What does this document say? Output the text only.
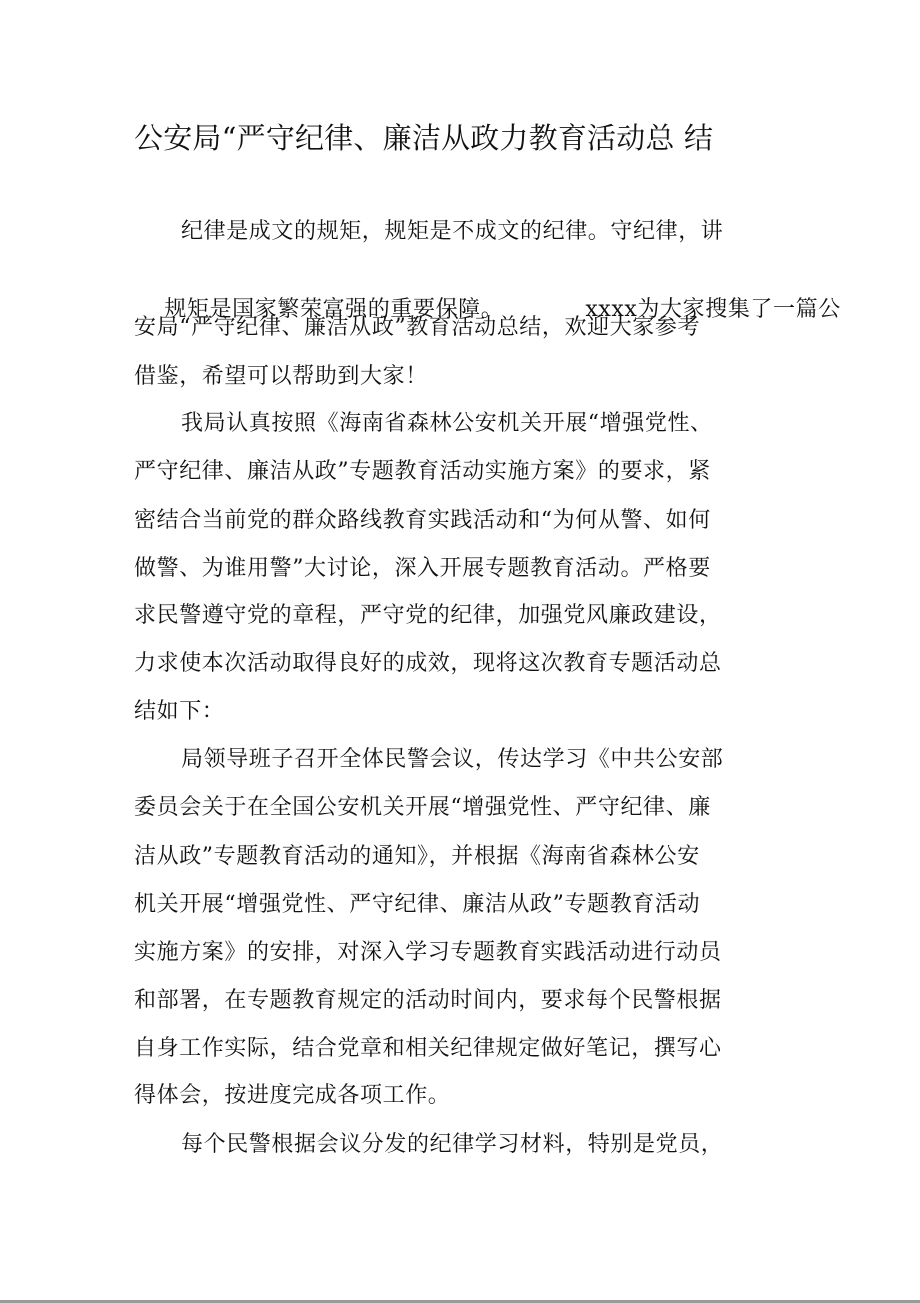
公安局“严守纪律、廉洁从政力教育活动总 结
纪律是成文的规矩，规矩是不成文的纪律。守纪律，讲

规矩是国家繁荣富强的重要保障。	xxxx为大家搜集了一篇公

安局“严守纪律、廉洁从政”教育活动总结，欢迎大家参考
借鉴，希望可以帮助到大家！
我局认真按照《海南省森林公安机关开展“增强党性、
严守纪律、廉洁从政”专题教育活动实施方案》的要求，紧
密结合当前党的群众路线教育实践活动和“为何从警、如何
做警、为谁用警”大讨论，深入开展专题教育活动。严格要
求民警遵守党的章程，严守党的纪律，加强党风廉政建设，
力求使本次活动取得良好的成效，现将这次教育专题活动总
结如下：
局领导班子召开全体民警会议，传达学习《中共公安部
委员会关于在全国公安机关开展“增强党性、严守纪律、廉
洁从政”专题教育活动的通知》，并根据《海南省森林公安
机关开展“增强党性、严守纪律、廉洁从政”专题教育活动
实施方案》的安排，对深入学习专题教育实践活动进行动员
和部署，在专题教育规定的活动时间内，要求每个民警根据
自身工作实际，结合党章和相关纪律规定做好笔记，撰写心
得体会，按进度完成各项工作。
每个民警根据会议分发的纪律学习材料，特别是党员，
